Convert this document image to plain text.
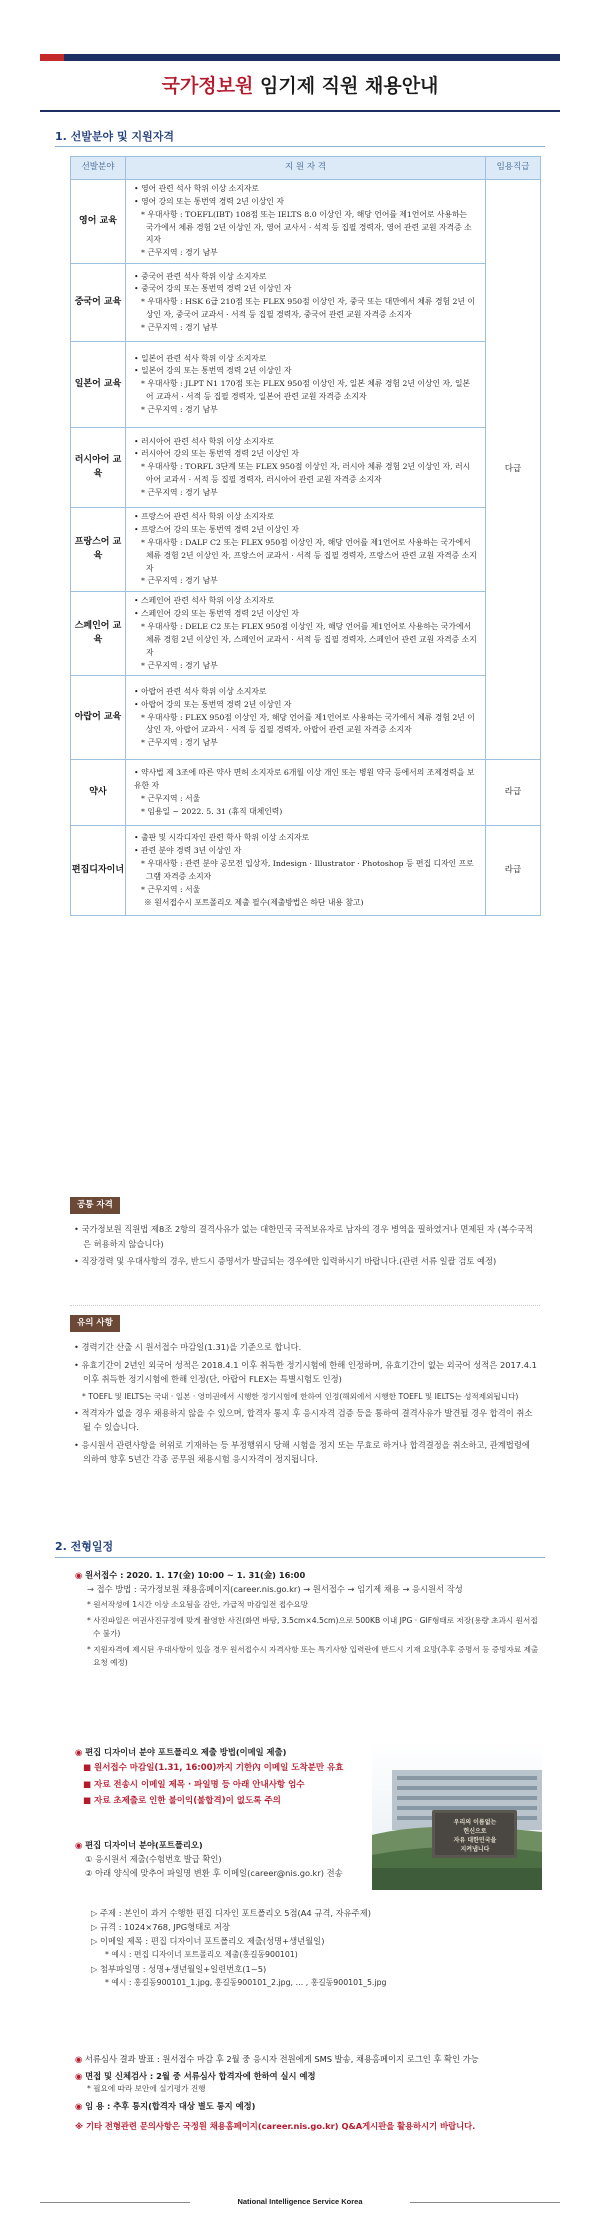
국가정보원 임기제 직원 채용안내
1. 선발분야 및 지원자격
선발분야	지 원 자 격	임용직급
영어 교육	• 영어 관련 석사 학위 이상 소지자로
• 영어 강의 또는 통번역 경력 2년 이상인 자
* 우대사항 : TOEFL(IBT) 108점 또는 IELTS 8.0 이상인 자, 해당 언어를 제1언어로 사용하는 국가에서 체류 경험 2년 이상인 자, 영어 교사서 · 석적 등 집필 경력자, 영어 관련 교원 자격증 소지자
* 근무지역 : 경기 남부	다급
중국어 교육	• 중국어 관련 석사 학위 이상 소지자로
• 중국어 강의 또는 통번역 경력 2년 이상인 자
* 우대사항 : HSK 6급 210점 또는 FLEX 950점 이상인 자, 중국 또는 대만에서 체류 경험 2년 이상인 자, 중국어 교과서 · 서적 등 집필 경력자, 중국어 관련 교원 자격증 소지자
* 근무지역 : 경기 남부

일본어 교육	• 일본어 관련 석사 학위 이상 소지자로
• 일본어 강의 또는 통번역 경력 2년 이상인 자
* 우대사항 : JLPT N1 170점 또는 FLEX 950점 이상인 자, 일본 체류 경험 2년 이상인 자, 일본어 교과서 · 서적 등 집필 경력자, 일본어 관련 교원 자격증 소지자
* 근무지역 : 경기 남부

러시아어 교육	• 러시아어 관련 석사 학위 이상 소지자로
• 러시아어 강의 또는 통번역 경력 2년 이상인 자
* 우대사항 : TORFL 3단계 또는 FLEX 950점 이상인 자, 러시아 체류 경험 2년 이상인 자, 러시아어 교과서 · 서적 등 집필 경력자, 러시아어 관련 교원 자격증 소지자
* 근무지역 : 경기 남부

프랑스어 교육	• 프랑스어 관련 석사 학위 이상 소지자로
• 프랑스어 강의 또는 통번역 경력 2년 이상인 자
* 우대사항 : DALF C2 또는 FLEX 950점 이상인 자, 해당 언어를 제1언어로 사용하는 국가에서 체류 경험 2년 이상인 자, 프랑스어 교과서 · 서적 등 집필 경력자, 프랑스어 관련 교원 자격증 소지자
* 근무지역 : 경기 남부

스페인어 교육	• 스페인어 관련 석사 학위 이상 소지자로
• 스페인어 강의 또는 통번역 경력 2년 이상인 자
* 우대사항 : DELE C2 또는 FLEX 950점 이상인 자, 해당 언어를 제1언어로 사용하는 국가에서 체류 경험 2년 이상인 자, 스페인어 교과서 · 서적 등 집필 경력자, 스페인어 관련 교원 자격증 소지자
* 근무지역 : 경기 남부

아랍어 교육	• 아랍어 관련 석사 학위 이상 소지자로
• 아랍어 강의 또는 통번역 경력 2년 이상인 자
* 우대사항 : FLEX 950점 이상인 자, 해당 언어를 제1언어로 사용하는 국가에서 체류 경험 2년 이상인 자, 아랍어 교과서 · 서적 등 집필 경력자, 아랍어 관련 교원 자격증 소지자
* 근무지역 : 경기 남부

약사	• 약사법 제 3조에 따른 약사 면허 소지자로 6개월 이상 개인 또는 병원 약국 등에서의 조제경력을 보유한 자
* 근무지역 : 서울
* 임용일 ~ 2022. 5. 31 (휴직 대체인력)	라급
편집디자이너	• 출판 및 시각디자인 관련 학사 학위 이상 소지자로
• 관련 분야 경력 3년 이상인 자
* 우대사항 : 관련 분야 공모전 입상자, Indesign · Illustrator · Photoshop 등 편집 디자인 프로그램 자격증 소지자
* 근무지역 : 서울
※ 원서접수시 포트폴리오 제출 필수(제출방법은 하단 내용 참고)	라급
공통 자격
• 국가정보원 직원법 제8조 2항의 결격사유가 없는 대한민국 국적보유자로 남자의 경우 병역을 필하였거나 면제된 자 (복수국적은 허용하지 않습니다)
• 직장경력 및 우대사항의 경우, 반드시 증명서가 발급되는 경우에만 입력하시기 바랍니다.(관련 서류 일괄 검토 예정)
유의 사항
• 경력기간 산출 시 원서접수 마감일(1.31)을 기준으로 합니다.
• 유효기간이 2년인 외국어 성적은 2018.4.1 이후 취득한 정기시험에 한해 인정하며, 유효기간이 없는 외국어 성적은 2017.4.1 이후 취득한 정기시험에 한해 인정(단, 아랍어 FLEX는 특별시험도 인정)
* TOEFL 및 IELTS는 국내 · 일본 · 영미권에서 시행한 정기시험에 한하여 인정(해외에서 시행한 TOEFL 및 IELTS는 성적제외됩니다)
• 적격자가 없을 경우 채용하지 않을 수 있으며, 합격자 통지 후 응시자격 검증 등을 통하여 결격사유가 발견될 경우 합격이 취소될 수 있습니다.
• 응시원서 관련사항을 허위로 기재하는 등 부정행위시 당해 시험을 정지 또는 무효로 하거나 합격결정을 취소하고, 관계법령에 의하여 향후 5년간 각종 공무원 채용시험 응시자격이 정지됩니다.
2. 전형일정
◉ 원서접수 : 2020. 1. 17(金) 10:00 ~ 1. 31(金) 16:00
→ 접수 방법 : 국가정보원 채용홈페이지(career.nis.go.kr) → 원서접수 → 임기제 채용 → 응시원서 작성
* 원서작성에 1시간 이상 소요됨을 감안, 가급적 마감일전 접수요망
* 사진파일은 여권사진규정에 맞게 촬영한 사진(화면 바탕, 3.5cm×4.5cm)으로 500KB 이내 JPG · GIF형태로 저장(용량 초과시 원서접수 불가)
* 지원자격에 제시된 우대사항이 있을 경우 원서접수시 자격사항 또는 특기사항 입력란에 반드시 기재 요망(추후 증명서 등 증빙자료 제출 요청 예정)
◉ 편집 디자이너 분야 포트폴리오 제출 방법(이메일 제출)
■ 원서접수 마감일(1.31, 16:00)까지 기한內 이메일 도착분만 유효
■ 자료 전송시 이메일 제목 · 파일명 등 아래 안내사항 엄수
■ 자료 초제출로 인한 불이익(불합격)이 없도록 주의
우리의 이름없는
헌신으로
자유 대한민국을
지켜냅니다
◉ 편집 디자이너 분야(포트폴리오)
① 응시원서 제출(수험번호 발급 확인)
② 아래 양식에 맞추어 파일명 변환 후 이메일(career@nis.go.kr) 전송
▷ 주제 : 본인이 과거 수행한 편집 디자인 포트폴리오 5점(A4 규격, 자유주제)
▷ 규격 : 1024×768, JPG형태로 저장
▷ 이메일 제목 : 편집 디자이너 포트폴리오 제출(성명+생년월일)
* 예시 : 편집 디자이너 포트폴리오 제출(홍길동900101)
▷ 첨부파일명 : 성명+생년월일+일련번호(1~5)
* 예시 : 홍길동900101_1.jpg, 홍길동900101_2.jpg, … , 홍길동900101_5.jpg
◉ 서류심사 결과 발표 : 원서접수 마감 후 2월 중 응시자 전원에게 SMS 발송, 채용홈페이지 로그인 후 확인 가능
◉ 면접 및 신체검사 : 2월 중 서류심사 합격자에 한하여 실시 예정
* 필요에 따라 보안에 실기평가 진행
◉ 임 용 : 추후 통지(합격자 대상 별도 통지 예정)
※ 기타 전형관련 문의사항은 국정원 채용홈페이지(career.nis.go.kr) Q&A게시판을 활용하시기 바랍니다.
National Intelligence Service Korea
